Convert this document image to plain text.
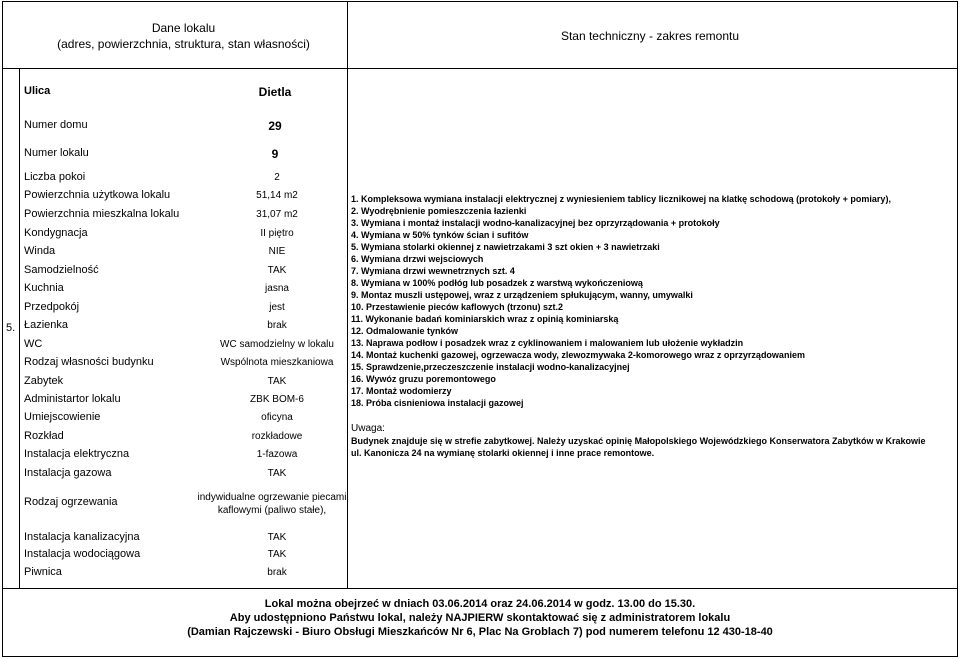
Dane lokalu
(adres, powierzchnia, struktura, stan własności)
Stan techniczny - zakres remontu
5.
Ulica	Dietla
Numer domu	29
Numer lokalu	9
Liczba pokoi	2
Powierzchnia użytkowa lokalu	51,14 m2
Powierzchnia mieszkalna lokalu	31,07 m2
Kondygnacja	II piętro
Winda	NIE
Samodzielność	TAK
Kuchnia	jasna
Przedpokój	jest
Łazienka	brak
WC	WC samodzielny w lokalu
Rodzaj własności budynku	Wspólnota mieszkaniowa
Zabytek	TAK
Administartor lokalu	ZBK BOM-6
Umiejscowienie	oficyna
Rozkład	rozkładowe
Instalacja elektryczna	1-fazowa
Instalacja gazowa	TAK
Rodzaj ogrzewania	indywidualne ogrzewanie piecami
kaflowymi (paliwo stałe),
Instalacja kanalizacyjna	TAK
Instalacja wodociągowa	TAK
Piwnica	brak
1. Kompleksowa wymiana instalacji elektrycznej z wyniesieniem tablicy licznikowej na klatkę schodową (protokoły + pomiary),
2. Wyodrębnienie pomieszczenia łazienki
3. Wymiana i montaż instalacji wodno-kanalizacyjnej bez oprzyrządowania + protokoły
4. Wymiana w 50% tynków ścian i sufitów
5. Wymiana stolarki okiennej z nawietrzakami 3 szt okien + 3 nawietrzaki
6. Wymiana drzwi wejsciowych
7. Wymiana drzwi wewnetrznych szt. 4
8. Wymiana w 100% podłóg lub posadzek z warstwą wykończeniową
9. Montaz muszli ustępowej, wraz z urządzeniem spłukującym, wanny, umywalki
10. Przestawienie pieców kaflowych (trzonu) szt.2
11. Wykonanie badań kominiarskich wraz z opinią kominiarską
12. Odmalowanie tynków
13. Naprawa podłow i posadzek wraz z cyklinowaniem i malowaniem lub ułożenie wykładzin
14. Montaż kuchenki gazowej, ogrzewacza wody, zlewozmywaka 2-komorowego wraz z oprzyrządowaniem
15. Sprawdzenie,przeczeszczenie instalacji wodno-kanalizacyjnej
16. Wywóz gruzu poremontowego
17. Montaż wodomierzy
18. Próba cisnieniowa instalacji gazowej
Uwaga:
Budynek znajduje się w strefie zabytkowej. Należy uzyskać opinię Małopolskiego Wojewódzkiego Konserwatora Zabytków w Krakowie
ul. Kanonicza 24 na wymianę stolarki okiennej i inne prace remontowe.
Lokal można obejrzeć w dniach 03.06.2014 oraz 24.06.2014 w godz. 13.00 do 15.30.
Aby udostępniono Państwu lokal, należy NAJPIERW skontaktować się z administratorem lokalu
(Damian Rajczewski - Biuro Obsługi Mieszkańców Nr 6, Plac Na Groblach 7) pod numerem telefonu 12 430-18-40
